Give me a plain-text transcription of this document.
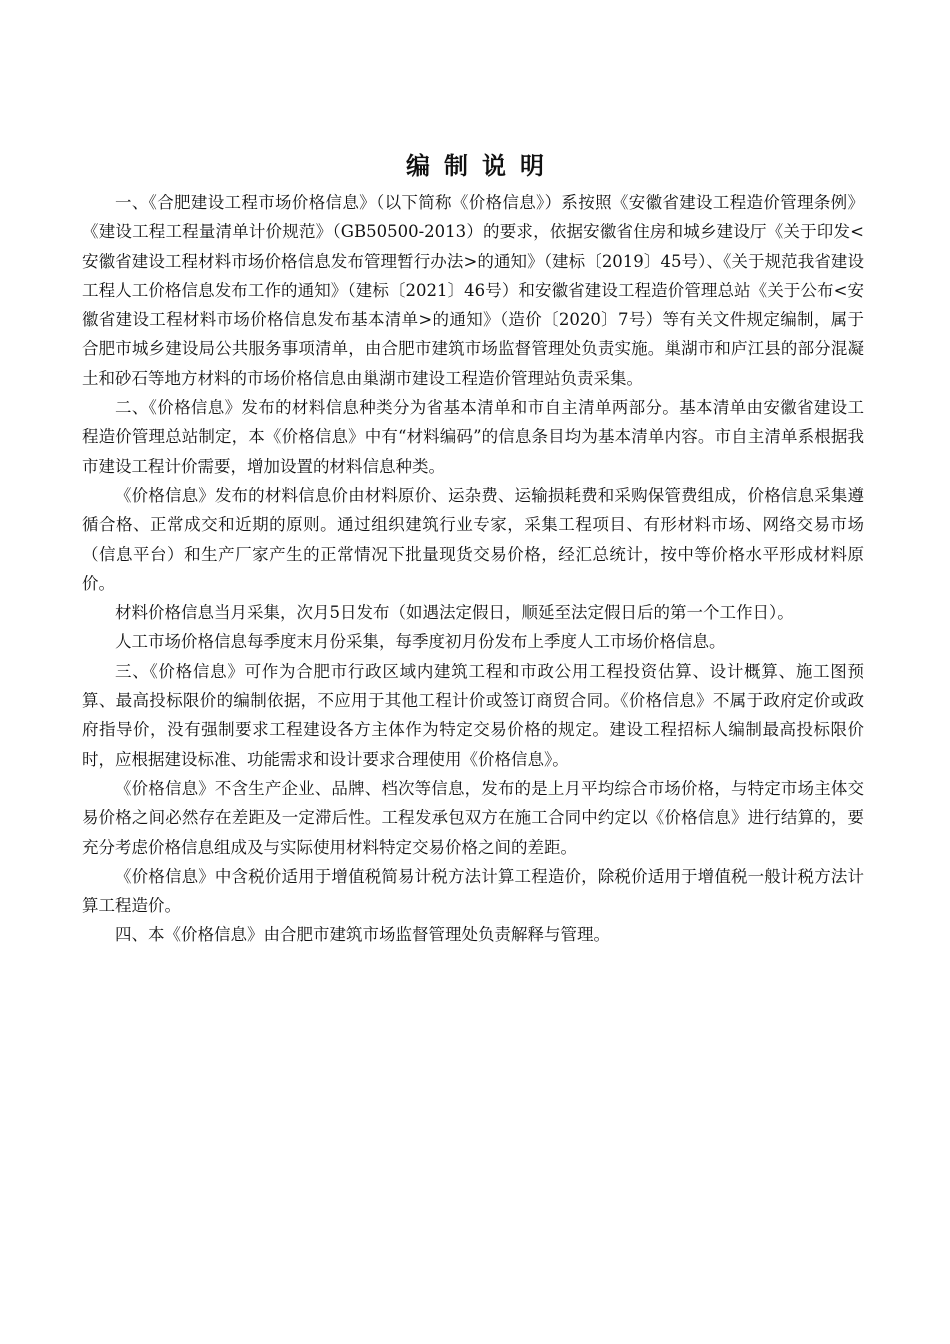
编制说明

一、《合肥建设工程市场价格信息》（以下简称《价格信息》）系按照《安徽省建设工程造价管理条例》《建设工程工程量清单计价规范》（GB50500-2013）的要求，依据安徽省住房和城乡建设厅《关于印发<安徽省建设工程材料市场价格信息发布管理暂行办法>的通知》（建标〔2019〕45号）、《关于规范我省建设工程人工价格信息发布工作的通知》（建标〔2021〕46号）和安徽省建设工程造价管理总站《关于公布<安徽省建设工程材料市场价格信息发布基本清单>的通知》（造价〔2020〕7号）等有关文件规定编制，属于合肥市城乡建设局公共服务事项清单，由合肥市建筑市场监督管理处负责实施。巢湖市和庐江县的部分混凝土和砂石等地方材料的市场价格信息由巢湖市建设工程造价管理站负责采集。

二、《价格信息》发布的材料信息种类分为省基本清单和市自主清单两部分。基本清单由安徽省建设工程造价管理总站制定，本《价格信息》中有“材料编码”的信息条目均为基本清单内容。市自主清单系根据我市建设工程计价需要，增加设置的材料信息种类。

《价格信息》发布的材料信息价由材料原价、运杂费、运输损耗费和采购保管费组成，价格信息采集遵循合格、正常成交和近期的原则。通过组织建筑行业专家，采集工程项目、有形材料市场、网络交易市场（信息平台）和生产厂家产生的正常情况下批量现货交易价格，经汇总统计，按中等价格水平形成材料原价。

材料价格信息当月采集，次月5日发布（如遇法定假日，顺延至法定假日后的第一个工作日）。

人工市场价格信息每季度末月份采集，每季度初月份发布上季度人工市场价格信息。

三、《价格信息》可作为合肥市行政区域内建筑工程和市政公用工程投资估算、设计概算、施工图预算、最高投标限价的编制依据，不应用于其他工程计价或签订商贸合同。《价格信息》不属于政府定价或政府指导价，没有强制要求工程建设各方主体作为特定交易价格的规定。建设工程招标人编制最高投标限价时，应根据建设标准、功能需求和设计要求合理使用《价格信息》。

《价格信息》不含生产企业、品牌、档次等信息，发布的是上月平均综合市场价格，与特定市场主体交易价格之间必然存在差距及一定滞后性。工程发承包双方在施工合同中约定以《价格信息》进行结算的，要充分考虑价格信息组成及与实际使用材料特定交易价格之间的差距。

《价格信息》中含税价适用于增值税简易计税方法计算工程造价，除税价适用于增值税一般计税方法计算工程造价。

四、本《价格信息》由合肥市建筑市场监督管理处负责解释与管理。
